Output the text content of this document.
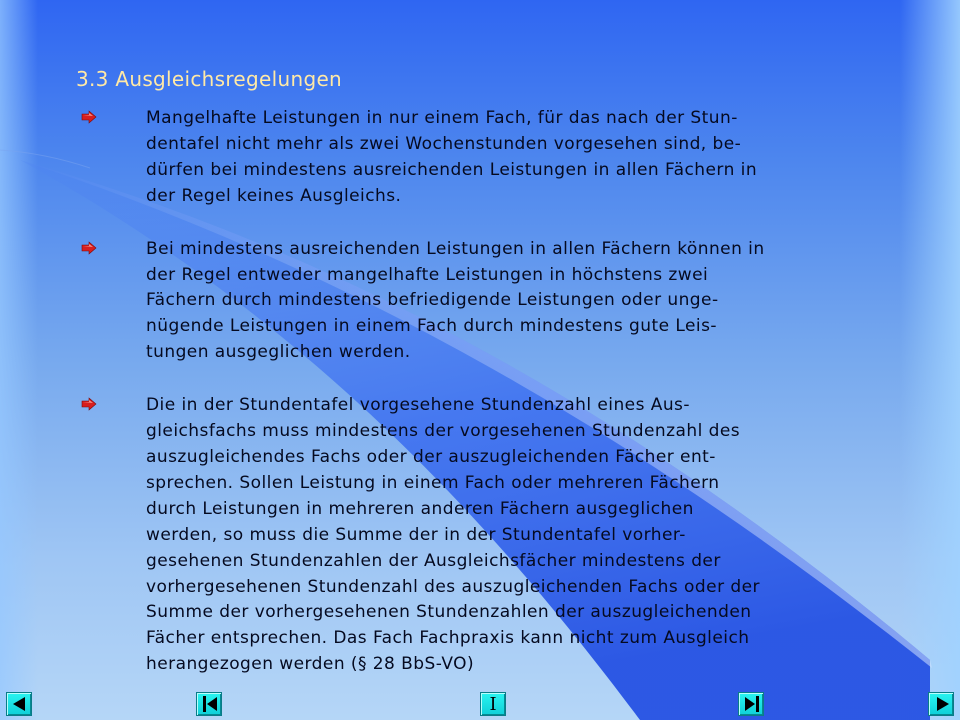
3.3 Ausgleichsregelungen
Mangelhafte Leistungen in nur einem Fach, für das nach der Stun-
dentafel nicht mehr als zwei Wochenstunden vorgesehen sind, be-
dürfen bei mindestens ausreichenden Leistungen in allen Fächern in
der Regel keines Ausgleichs.
Bei mindestens ausreichenden Leistungen in allen Fächern können in
der Regel entweder mangelhafte Leistungen in höchstens zwei
Fächern durch mindestens befriedigende Leistungen oder unge-
nügende Leistungen in einem Fach durch mindestens gute Leis-
tungen ausgeglichen werden.
Die in der Stundentafel vorgesehene Stundenzahl eines Aus-
gleichsfachs muss mindestens der vorgesehenen Stundenzahl des
auszugleichendes Fachs oder der auszugleichenden Fächer ent-
sprechen. Sollen Leistung in einem Fach oder mehreren Fächern
durch Leistungen in mehreren anderen Fächern ausgeglichen
werden, so muss die Summe der in der Stundentafel vorher-
gesehenen Stundenzahlen der Ausgleichsfächer mindestens der
vorhergesehenen Stundenzahl des auszugleichenden Fachs oder der
Summe der vorhergesehenen Stundenzahlen der auszugleichenden
Fächer entsprechen. Das Fach Fachpraxis kann nicht zum Ausgleich
herangezogen werden (§ 28 BbS-VO)
I
